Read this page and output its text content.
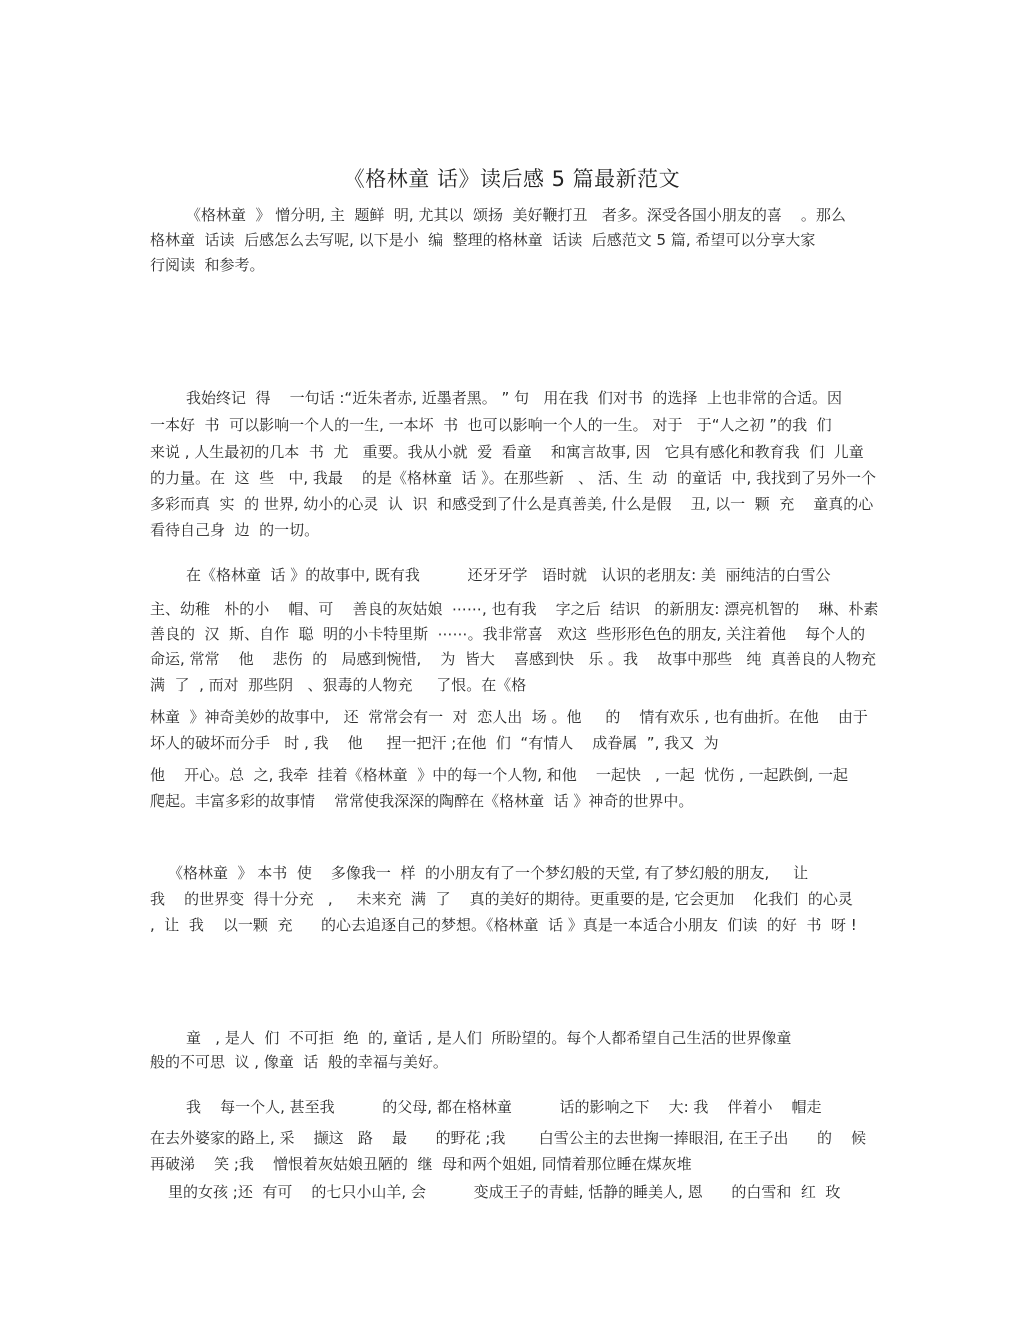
《格林童 话》读后感 5 篇最新范文
《格林童  》 憎分明, 主  题鲜  明, 尤其以  颂扬  美好鞭打丑   者多。深受各国小朋友的喜    。那么
格林童  话读  后感怎么去写呢, 以下是小  编  整理的格林童  话读  后感范文 5 篇, 希望可以分享大家
行阅读  和参考。
我始终记  得    一句话 :“近朱者赤, 近墨者黑。 ” 句   用在我  们对书  的选择  上也非常的合适。因
一本好  书  可以影响一个人的一生, 一本坏  书  也可以影响一个人的一生。 对于   于“人之初 ”的我  们
来说 , 人生最初的几本  书  尤   重要。我从小就  爱  看童    和寓言故事, 因   它具有感化和教育我  们  儿童
的力量。在  这  些   中, 我最    的是《格林童  话 》。在那些新   、 活、生  动  的童话  中, 我找到了另外一个
多彩而真  实  的 世界, 幼小的心灵  认  识  和感受到了什么是真善美, 什么是假    丑, 以一  颗  充    童真的心
看待自己身  边  的一切。
在《格林童  话 》的故事中, 既有我          还牙牙学   语时就   认识的老朋友: 美  丽纯洁的白雪公
主、幼稚   朴的小    帽、可    善良的灰姑娘  ⋯⋯, 也有我    字之后  结识   的新朋友: 漂亮机智的    琳、朴素
善良的  汉  斯、自作  聪  明的小卡特里斯  ⋯⋯。我非常喜   欢这  些形形色色的朋友, 关注着他    每个人的
命运, 常常    他    悲伤  的   局感到惋惜,    为  皆大    喜感到快   乐 。我    故事中那些   纯  真善良的人物充
满  了  , 而对  那些阴   、狠毒的人物充     了恨。在《格
林童  》神奇美妙的故事中,   还  常常会有一  对  恋人出  场 。他     的    情有欢乐 , 也有曲折。在他    由于
坏人的破坏而分手   时 , 我    他     捏一把汗 ;在他  们  “有情人    成眷属  ”, 我又  为
他    开心。总  之, 我牵  挂着《格林童  》中的每一个人物, 和他    一起快   , 一起  忧伤 , 一起跌倒, 一起
爬起。丰富多彩的故事情    常常使我深深的陶醉在《格林童  话 》神奇的世界中。
《格林童  》 本书  使    多像我一  样  的小朋友有了一个梦幻般的天堂, 有了梦幻般的朋友,     让
我    的世界变  得十分充   ,     未来充  满  了    真的美好的期待。更重要的是, 它会更加    化我们  的心灵
,  让  我    以一颗  充      的心去追逐自己的梦想。《格林童  话 》真是一本适合小朋友  们读  的好  书  呀 !
童   , 是人  们  不可拒  绝  的, 童话 , 是人们  所盼望的。每个人都希望自己生活的世界像童
般的不可思  议 , 像童  话  般的幸福与美好。
我    每一个人, 甚至我          的父母, 都在格林童          话的影响之下    大: 我    伴着小    帽走
在去外婆家的路上, 采    撷这   路    最      的野花 ;我       白雪公主的去世掬一捧眼泪, 在王子出      的    候
再破涕    笑 ;我    憎恨着灰姑娘丑陋的  继  母和两个姐姐, 同情着那位睡在煤灰堆
里的女孩 ;还  有可    的七只小山羊, 会          变成王子的青蛙, 恬静的睡美人, 恩      的白雪和  红  玫
